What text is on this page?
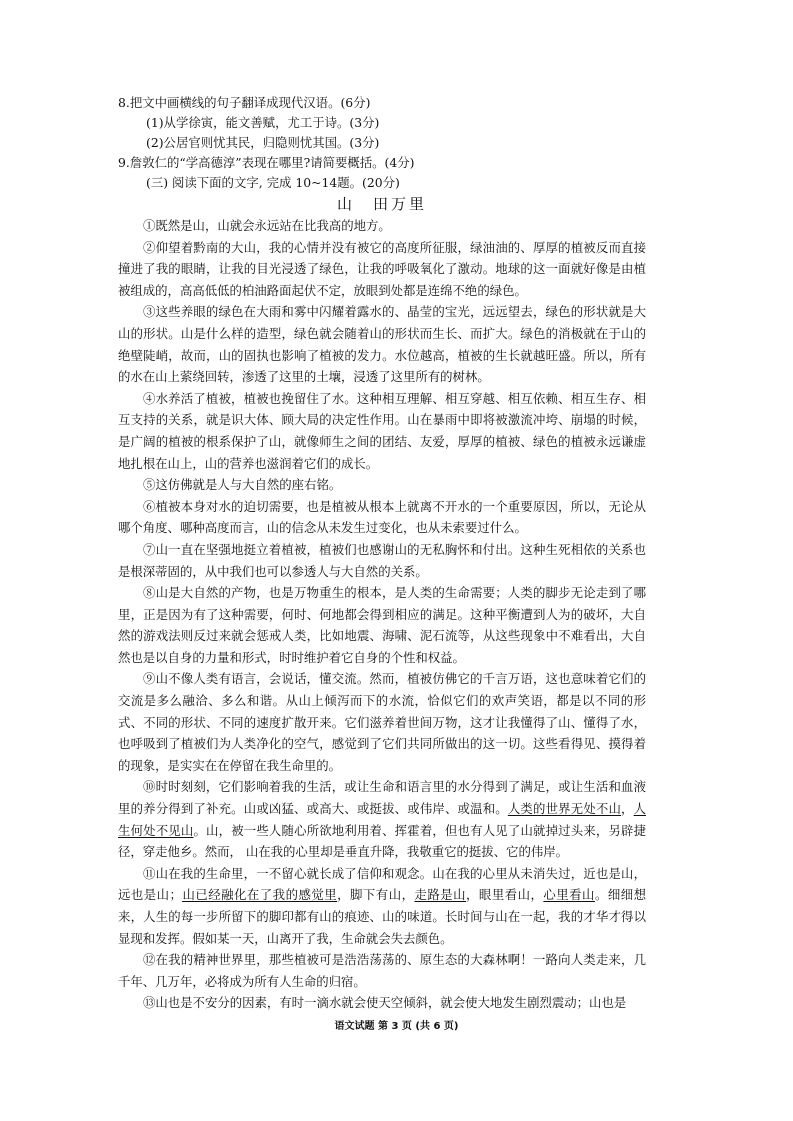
8.把文中画横线的句子翻译成现代汉语。(6分)
(1)从学徐寅，能文善赋，尤工于诗。(3分)
(2)公居官则忧其民，归隐则忧其国。(3分)
9.詹敦仁的“学高德淳”表现在哪里?请简要概括。(4分)
(三) 阅读下面的文字, 完成 10~14题。(20分)
山　田万里

①既然是山，山就会永远站在比我高的地方。

②仰望着黔南的大山，我的心情并没有被它的高度所征服，绿油油的、厚厚的植被反而直接撞进了我的眼睛，让我的目光浸透了绿色，让我的呼吸氧化了激动。地球的这一面就好像是由植被组成的，高高低低的柏油路面起伏不定，放眼到处都是连绵不绝的绿色。

③这些养眼的绿色在大雨和雾中闪耀着露水的、晶莹的宝光，远远望去，绿色的形状就是大山的形状。山是什么样的造型，绿色就会随着山的形状而生长、而扩大。绿色的消极就在于山的绝壁陡峭，故而，山的固执也影响了植被的发力。水位越高，植被的生长就越旺盛。所以，所有的水在山上萦绕回转，渗透了这里的土壤，浸透了这里所有的树林。

④水养活了植被，植被也挽留住了水。这种相互理解、相互穿越、相互依赖、相互生存、相互支持的关系，就是识大体、顾大局的决定性作用。山在暴雨中即将被激流冲垮、崩塌的时候，是广阔的植被的根系保护了山，就像师生之间的团结、友爱，厚厚的植被、绿色的植被永远谦虚地扎根在山上，山的营养也滋润着它们的成长。

⑤这仿佛就是人与大自然的座右铭。

⑥植被本身对水的迫切需要，也是植被从根本上就离不开水的一个重要原因，所以，无论从哪个角度、哪种高度而言，山的信念从未发生过变化，也从未索要过什么。

⑦山一直在坚强地挺立着植被，植被们也感谢山的无私胸怀和付出。这种生死相依的关系也是根深蒂固的，从中我们也可以参透人与大自然的关系。

⑧山是大自然的产物，也是万物重生的根本，是人类的生命需要；人类的脚步无论走到了哪里，正是因为有了这种需要，何时、何地都会得到相应的满足。这种平衡遭到人为的破坏，大自然的游戏法则反过来就会惩戒人类，比如地震、海啸、泥石流等，从这些现象中不难看出，大自然也是以自身的力量和形式，时时维护着它自身的个性和权益。

⑨山不像人类有语言，会说话，懂交流。然而，植被仿佛它的千言万语，这也意味着它们的交流是多么融洽、多么和谐。从山上倾泻而下的水流，恰似它们的欢声笑语，都是以不同的形式、不同的形状、不同的速度扩散开来。它们滋养着世间万物，这才让我懂得了山、懂得了水，也呼吸到了植被们为人类净化的空气，感觉到了它们共同所做出的这一切。这些看得见、摸得着的现象，是实实在在停留在我生命里的。

⑩时时刻刻，它们影响着我的生活，或让生命和语言里的水分得到了满足，或让生活和血液里的养分得到了补充。山或凶猛、或高大、或挺拔、或伟岸、或温和。人类的世界无处不山，人生何处不见山。山，被一些人随心所欲地利用着、挥霍着，但也有人见了山就掉过头来，另辟捷径，穿走他乡。然而， 山在我的心里却是垂直升降，我敬重它的挺拔、它的伟岸。

⑪山在我的生命里，一不留心就长成了信仰和观念。山在我的心里从未消失过，近也是山，远也是山；山已经融化在了我的感觉里，脚下有山，走路是山，眼里看山，心里看山。细细想来，人生的每一步所留下的脚印都有山的痕迹、山的味道。长时间与山在一起，我的才华才得以显现和发挥。假如某一天，山离开了我，生命就会失去颜色。

⑫在我的精神世界里，那些植被可是浩浩荡荡的、原生态的大森林啊！一路向人类走来，几千年、几万年，必将成为所有人生命的归宿。

⑬山也是不安分的因素，有时一滴水就会使天空倾斜，就会使大地发生剧烈震动；山也是

语文试题 第 3 页 (共 6 页)
